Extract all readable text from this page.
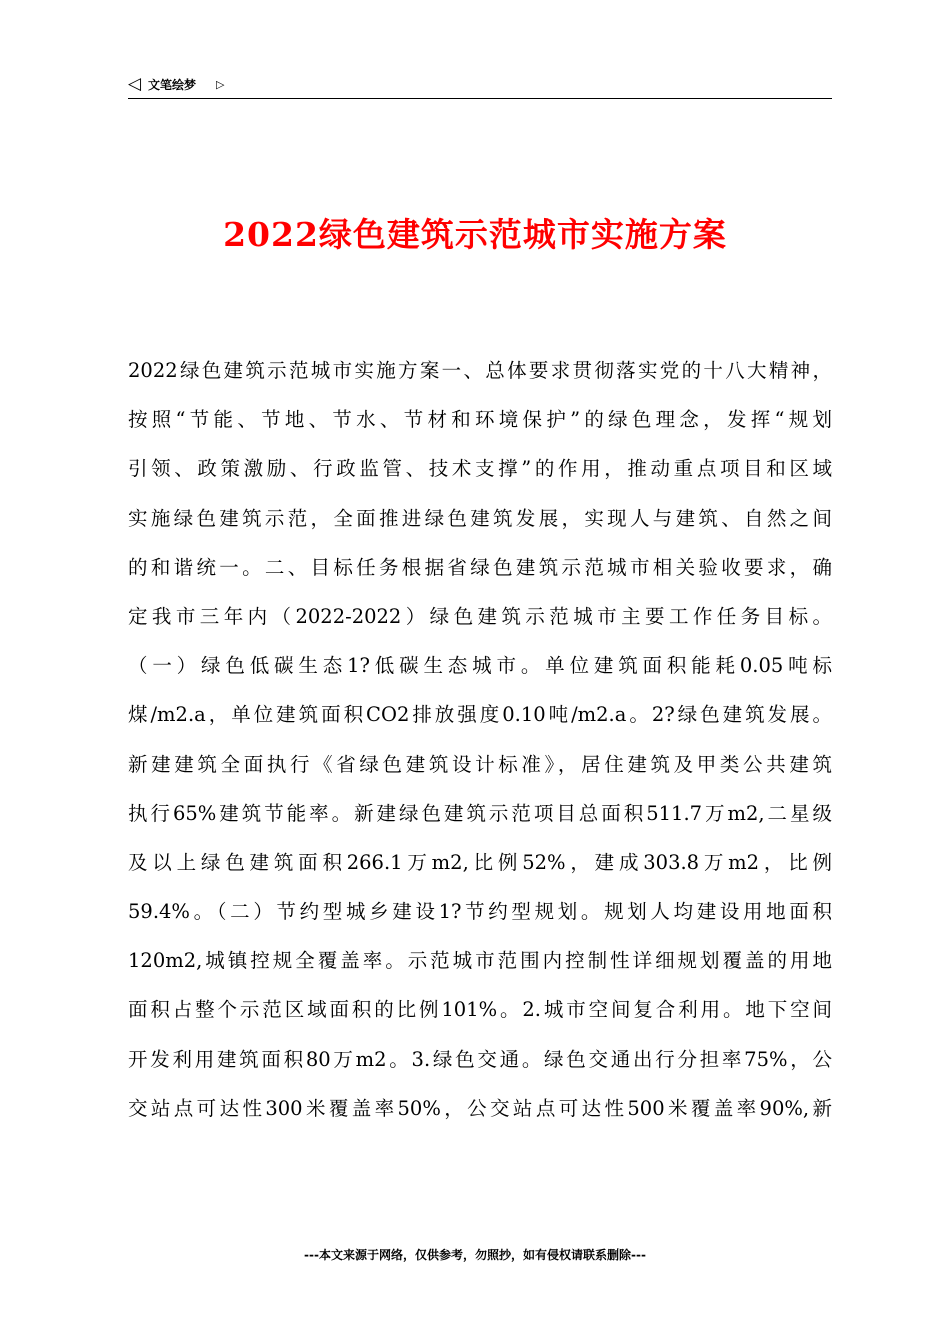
◁ 文笔绘梦 ▷
2022绿色建筑示范城市实施方案
2022绿色建筑示范城市实施方案一、总体要求贯彻落实党的十八大精神，
按照“节能、节地、节水、节材和环境保护”的绿色理念，发挥“规划
引领、政策激励、行政监管、技术支撑”的作用，推动重点项目和区域
实施绿色建筑示范，全面推进绿色建筑发展，实现人与建筑、自然之间
的和谐统一。二、目标任务根据省绿色建筑示范城市相关验收要求，确
定我市三年内（2022-2022）绿色建筑示范城市主要工作任务目标。
（一）绿色低碳生态1?低碳生态城市。单位建筑面积能耗0.05吨标
煤/m2.a，单位建筑面积CO2排放强度0.10吨/m2.a。2?绿色建筑发展。
新建建筑全面执行《省绿色建筑设计标准》，居住建筑及甲类公共建筑
执行65%建筑节能率。新建绿色建筑示范项目总面积511.7万m2,二星级
及以上绿色建筑面积266.1万m2,比例52%，建成303.8万m2，比例
59.4%。（二）节约型城乡建设1?节约型规划。规划人均建设用地面积
120m2,城镇控规全覆盖率。示范城市范围内控制性详细规划覆盖的用地
面积占整个示范区域面积的比例101%。2.城市空间复合利用。地下空间
开发利用建筑面积80万m2。3.绿色交通。绿色交通出行分担率75%，公
交站点可达性300米覆盖率50%，公交站点可达性500米覆盖率90%,新
---本文来源于网络，仅供参考，勿照抄，如有侵权请联系删除---
